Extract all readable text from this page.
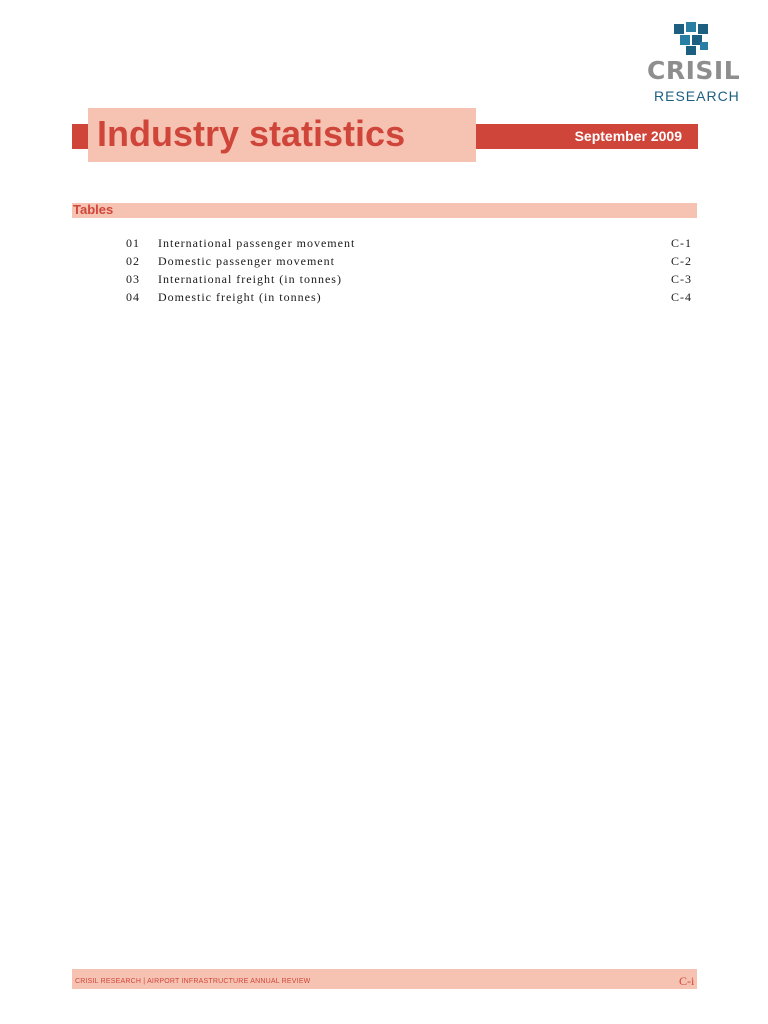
CRISIL
RESEARCH
Industry statistics	September 2009
Tables
01 International passenger movement	C-1
02 Domestic passenger movement	C-2
03 International freight (in tonnes)	C-3
04 Domestic freight (in tonnes)	C-4
CRISIL RESEARCH | AIRPORT INFRASTRUCTURE ANNUAL REVIEW	C-i
